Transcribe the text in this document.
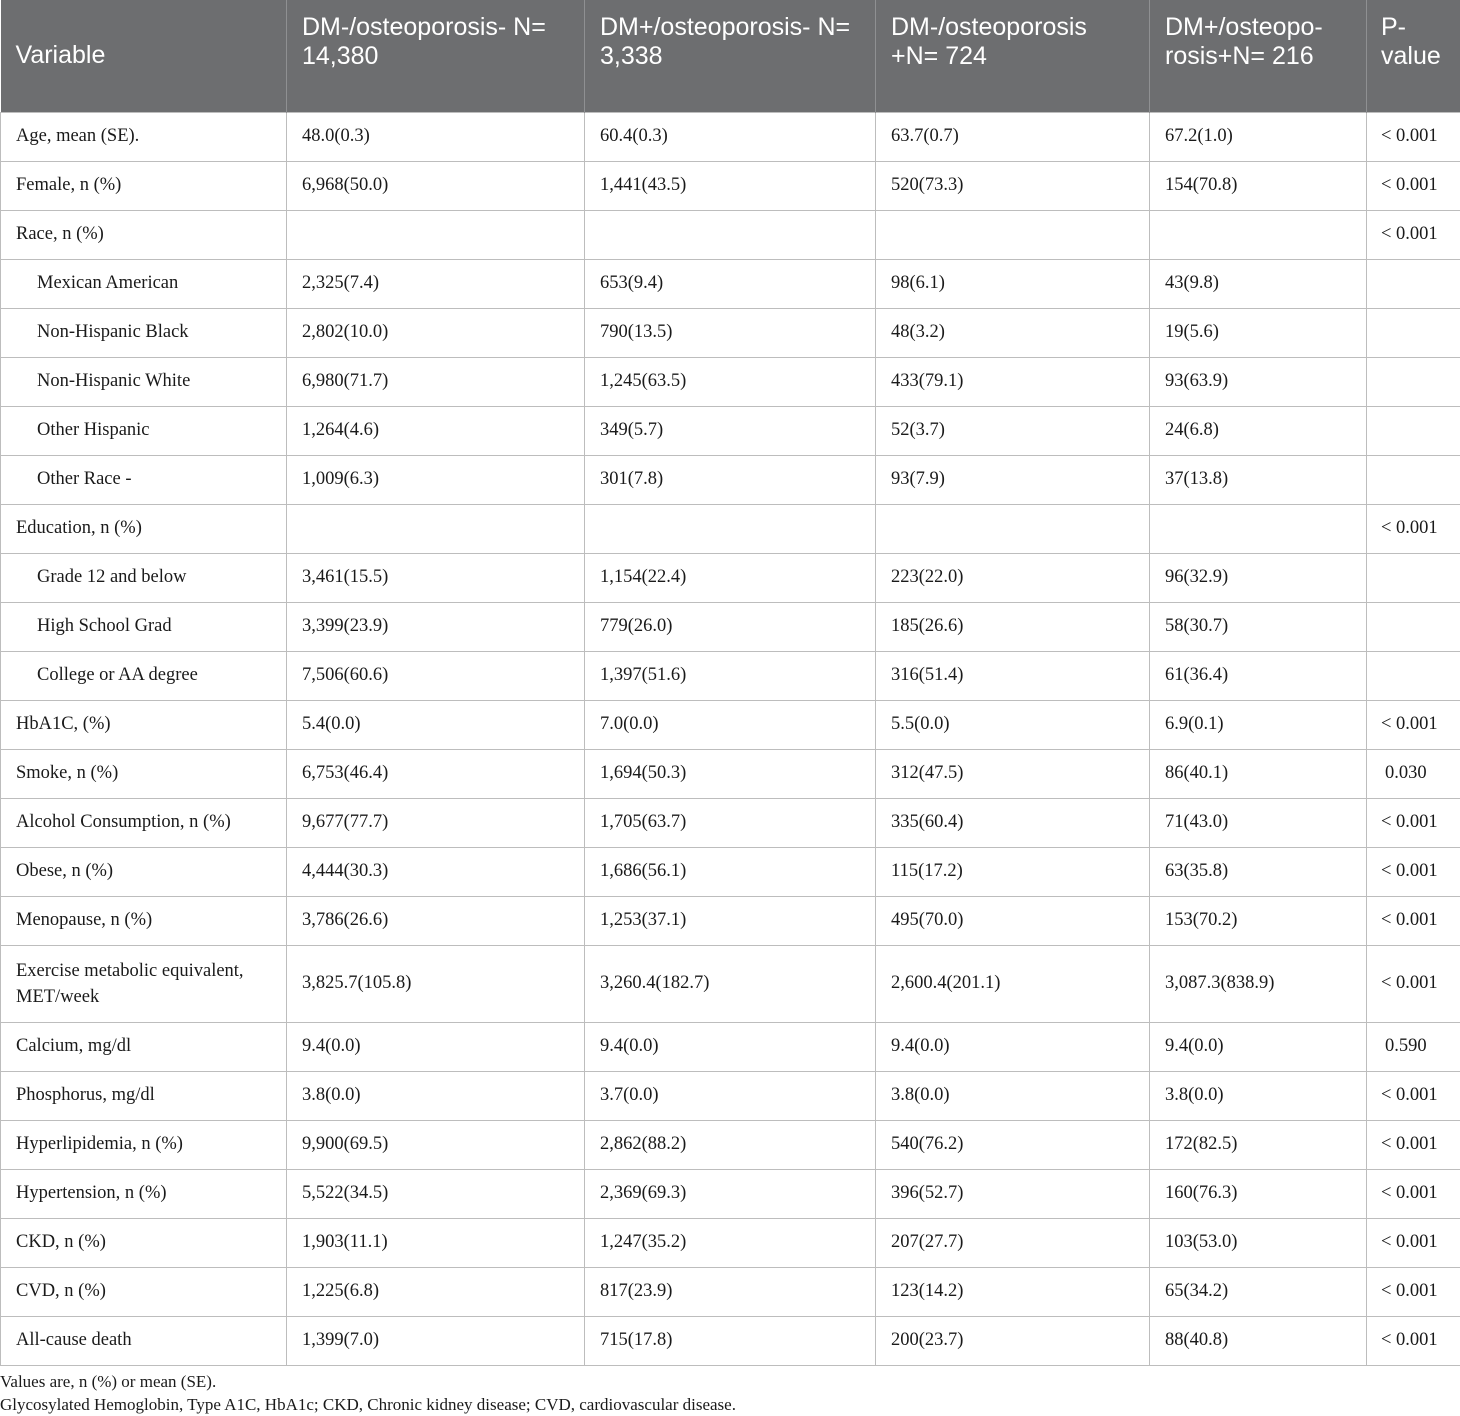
Variable	DM-/osteoporosis- N= 14,380	DM+/osteoporosis- N= 3,338	DM-/osteoporosis +N= 724	DM+/osteopo-rosis+N= 216	P-value
Age, mean (SE).	48.0(0.3)	60.4(0.3)	63.7(0.7)	67.2(1.0)	< 0.001
Female, n (%)	6,968(50.0)	1,441(43.5)	520(73.3)	154(70.8)	< 0.001
Race, n (%)					< 0.001
Mexican American	2,325(7.4)	653(9.4)	98(6.1)	43(9.8)	
Non-Hispanic Black	2,802(10.0)	790(13.5)	48(3.2)	19(5.6)	
Non-Hispanic White	6,980(71.7)	1,245(63.5)	433(79.1)	93(63.9)	
Other Hispanic	1,264(4.6)	349(5.7)	52(3.7)	24(6.8)	
Other Race -	1,009(6.3)	301(7.8)	93(7.9)	37(13.8)	
Education, n (%)					< 0.001
Grade 12 and below	3,461(15.5)	1,154(22.4)	223(22.0)	96(32.9)	
High School Grad	3,399(23.9)	779(26.0)	185(26.6)	58(30.7)	
College or AA degree	7,506(60.6)	1,397(51.6)	316(51.4)	61(36.4)	
HbA1C, (%)	5.4(0.0)	7.0(0.0)	5.5(0.0)	6.9(0.1)	< 0.001
Smoke, n (%)	6,753(46.4)	1,694(50.3)	312(47.5)	86(40.1)	0.030
Alcohol Consumption, n (%)	9,677(77.7)	1,705(63.7)	335(60.4)	71(43.0)	< 0.001
Obese, n (%)	4,444(30.3)	1,686(56.1)	115(17.2)	63(35.8)	< 0.001
Menopause, n (%)	3,786(26.6)	1,253(37.1)	495(70.0)	153(70.2)	< 0.001
Exercise metabolic equivalent, MET/week	3,825.7(105.8)	3,260.4(182.7)	2,600.4(201.1)	3,087.3(838.9)	< 0.001
Calcium, mg/dl	9.4(0.0)	9.4(0.0)	9.4(0.0)	9.4(0.0)	0.590
Phosphorus, mg/dl	3.8(0.0)	3.7(0.0)	3.8(0.0)	3.8(0.0)	< 0.001
Hyperlipidemia, n (%)	9,900(69.5)	2,862(88.2)	540(76.2)	172(82.5)	< 0.001
Hypertension, n (%)	5,522(34.5)	2,369(69.3)	396(52.7)	160(76.3)	< 0.001
CKD, n (%)	1,903(11.1)	1,247(35.2)	207(27.7)	103(53.0)	< 0.001
CVD, n (%)	1,225(6.8)	817(23.9)	123(14.2)	65(34.2)	< 0.001
All-cause death	1,399(7.0)	715(17.8)	200(23.7)	88(40.8)	< 0.001
Values are, n (%) or mean (SE).
Glycosylated Hemoglobin, Type A1C, HbA1c; CKD, Chronic kidney disease; CVD, cardiovascular disease.
